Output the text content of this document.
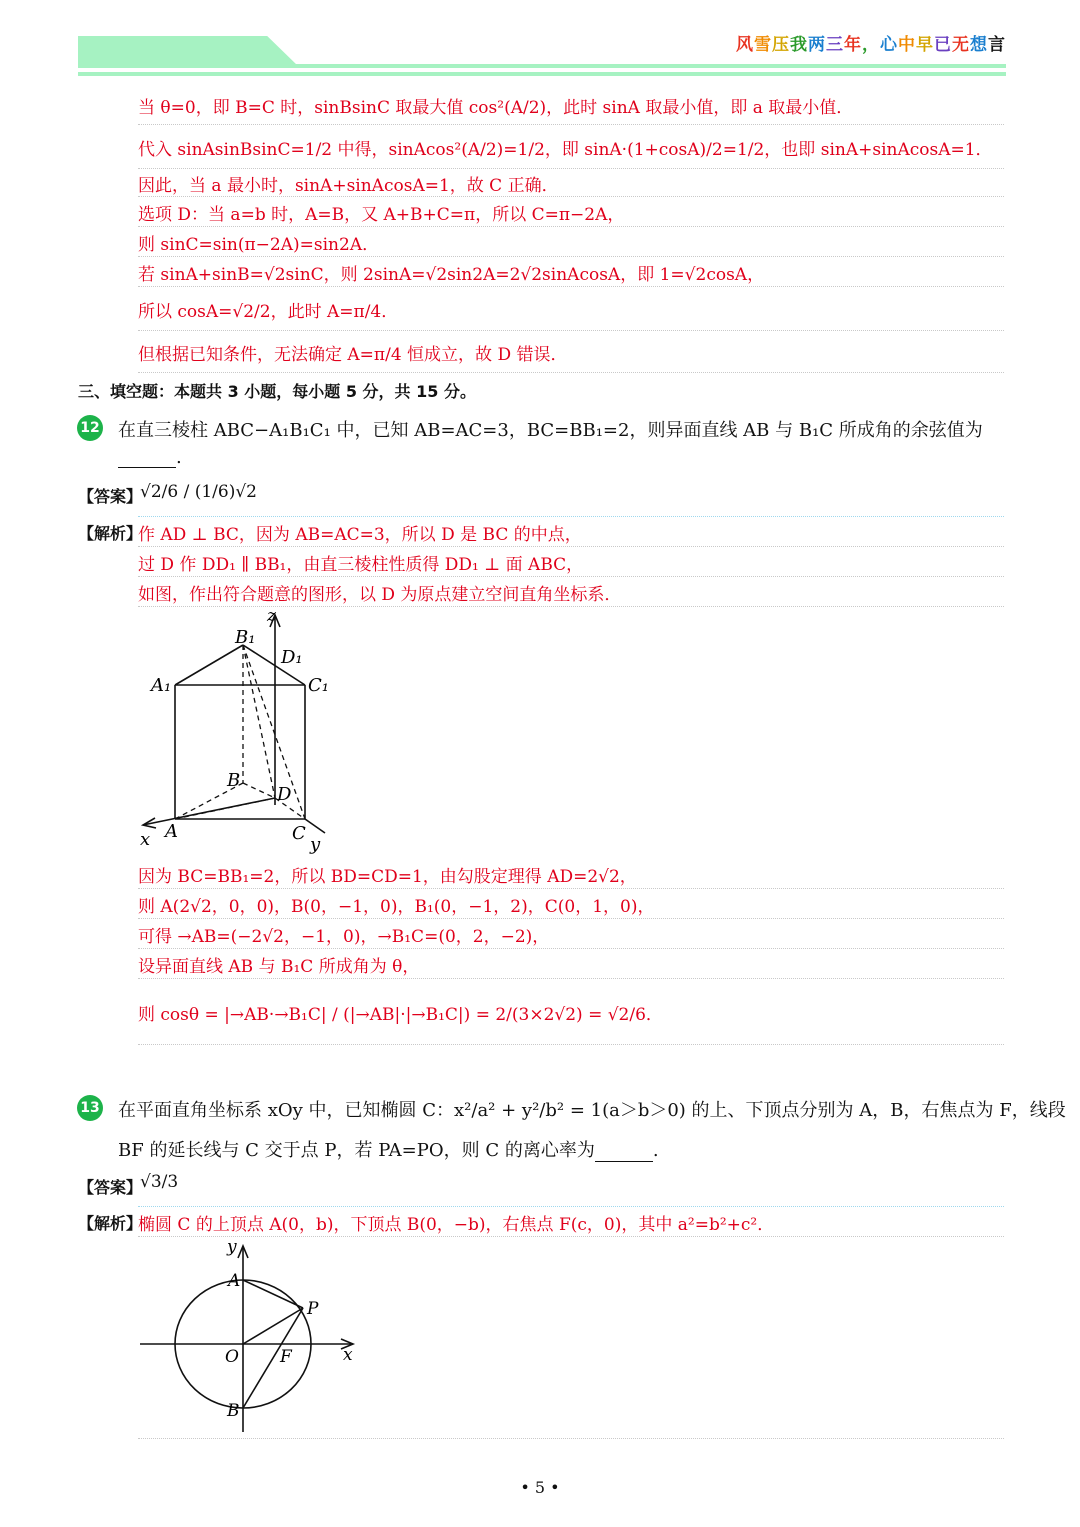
风雪压我两三年，心中早已无想言
当 θ=0，即 B=C 时，sinBsinC 取最大值 cos²(A/2)，此时 sinA 取最小值，即 a 取最小值．
代入 sinAsinBsinC=1/2 中得，sinAcos²(A/2)=1/2，即 sinA·(1+cosA)/2=1/2，也即 sinA+sinAcosA=1．
因此，当 a 最小时，sinA+sinAcosA=1，故 C 正确．
选项 D：当 a=b 时，A=B，又 A+B+C=π，所以 C=π−2A，
则 sinC=sin(π−2A)=sin2A．
若 sinA+sinB=√2sinC，则 2sinA=√2sin2A=2√2sinAcosA，即 1=√2cosA，
所以 cosA=√2/2，此时 A=π/4．
但根据已知条件，无法确定 A=π/4 恒成立，故 D 错误．
三、填空题：本题共 3 小题，每小题 5 分，共 15 分。
12 在直三棱柱 ABC−A₁B₁C₁ 中，已知 AB=AC=3，BC=BB₁=2，则异面直线 AB 与 B₁C 所成角的余弦值为
.
【答案】
√2/6 / (1/6)√2
【解析】
作 AD ⊥ BC，因为 AB=AC=3，所以 D 是 BC 的中点，
过 D 作 DD₁ ∥ BB₁，由直三棱柱性质得 DD₁ ⊥ 面 ABC，
如图，作出符合题意的图形，以 D 为原点建立空间直角坐标系．
z
B₁
D₁
A₁	C₁
B
D
A	C
x	y
因为 BC=BB₁=2，所以 BD=CD=1，由勾股定理得 AD=2√2，
则 A(2√2，0，0)，B(0，−1，0)，B₁(0，−1，2)，C(0，1，0)，
可得 →AB=(−2√2，−1，0)，→B₁C=(0，2，−2)，
设异面直线 AB 与 B₁C 所成角为 θ，
则 cosθ = |→AB·→B₁C| / (|→AB|·|→B₁C|) = 2/(3×2√2) = √2/6．
13 在平面直角坐标系 xOy 中，已知椭圆 C：x²/a² + y²/b² = 1(a＞b＞0) 的上、下顶点分别为 A，B，右焦点为 F，线段
BF 的延长线与 C 交于点 P，若 PA=PO，则 C 的离心率为	.
【答案】
√3/3
【解析】
椭圆 C 的上顶点 A(0，b)，下顶点 B(0，−b)，右焦点 F(c，0)，其中 a²=b²+c²．
y
A
P
O F	x
B
• 5 •
